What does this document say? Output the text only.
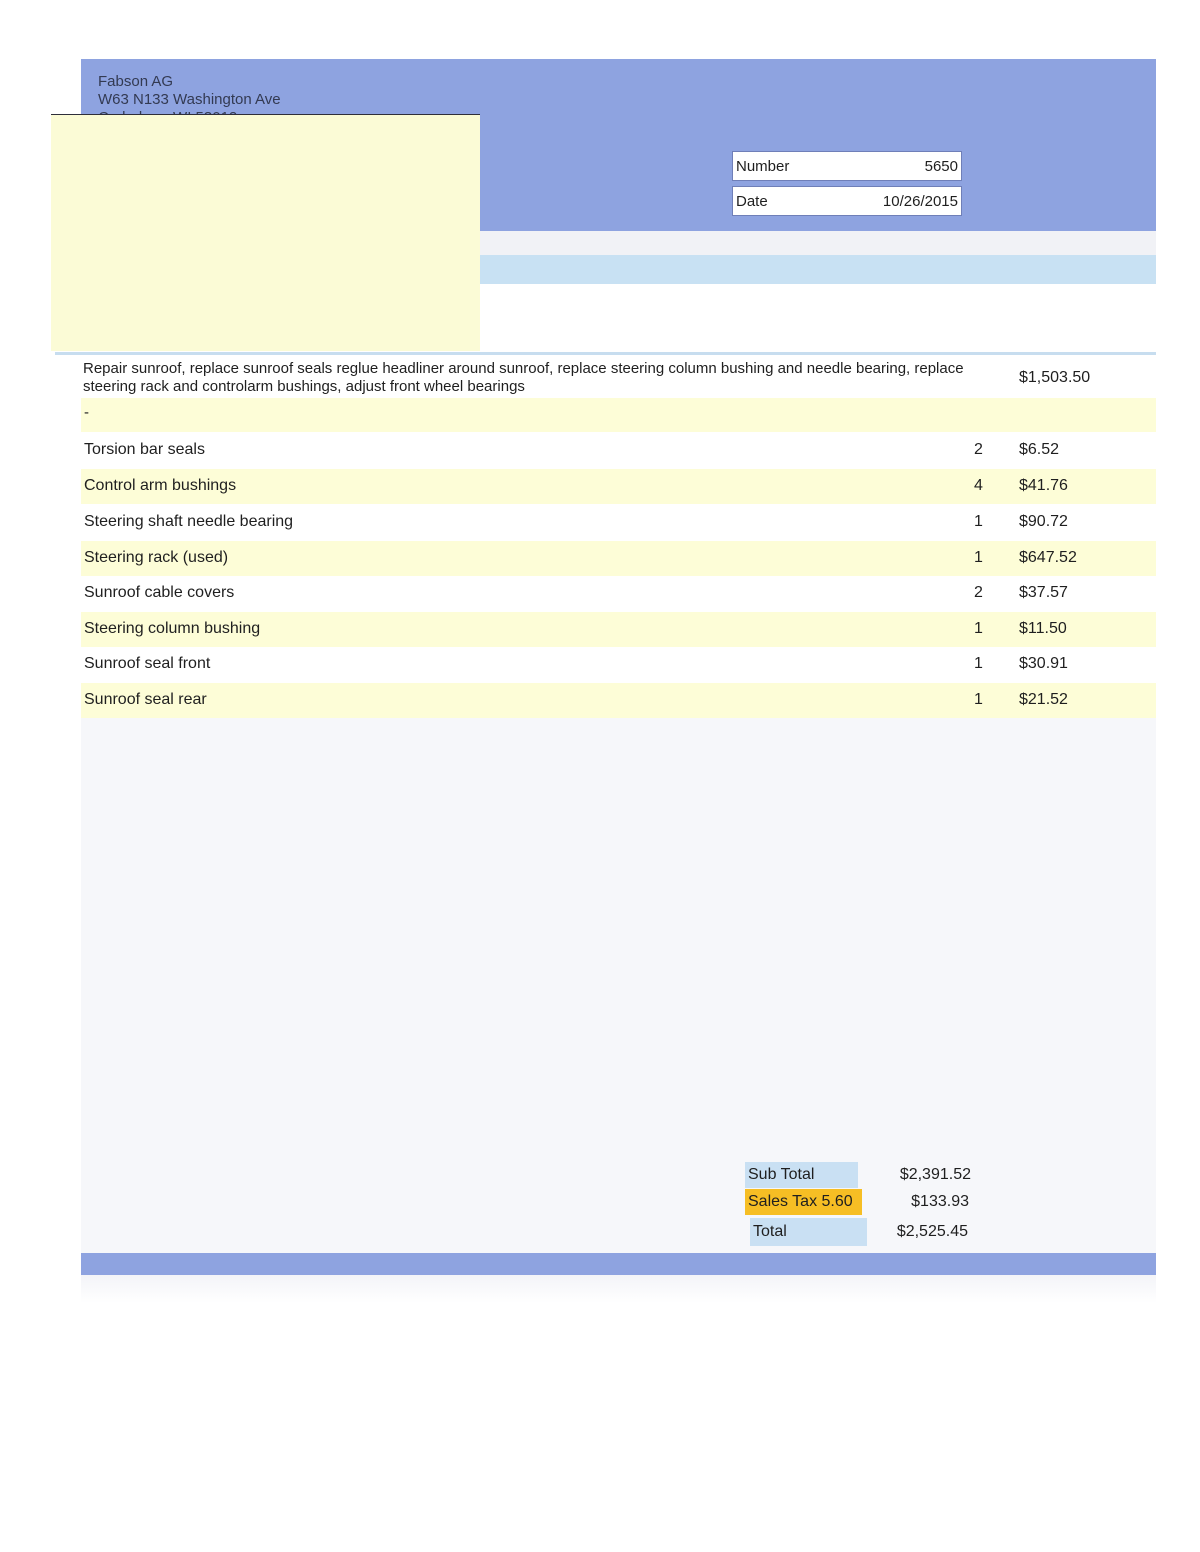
Fabson AG
W63 N133 Washington Ave
Number	5650
Date	10/26/2015
Repair sunroof, replace sunroof seals reglue headliner around sunroof, replace steering column bushing and needle bearing, replace steering rack and controlarm bushings, adjust front wheel bearings
$1,503.50
-
Torsion bar seals	2 $6.52
Control arm bushings	4 $41.76
Steering shaft needle bearing	1 $90.72
Steering rack (used)	1 $647.52
Sunroof cable covers	2 $37.57
Steering column bushing	1 $11.50
Sunroof seal front	1 $30.91
Sunroof seal rear	1 $21.52
Sub Total	$2,391.52
Sales Tax 5.60	$133.93
Total	$2,525.45
